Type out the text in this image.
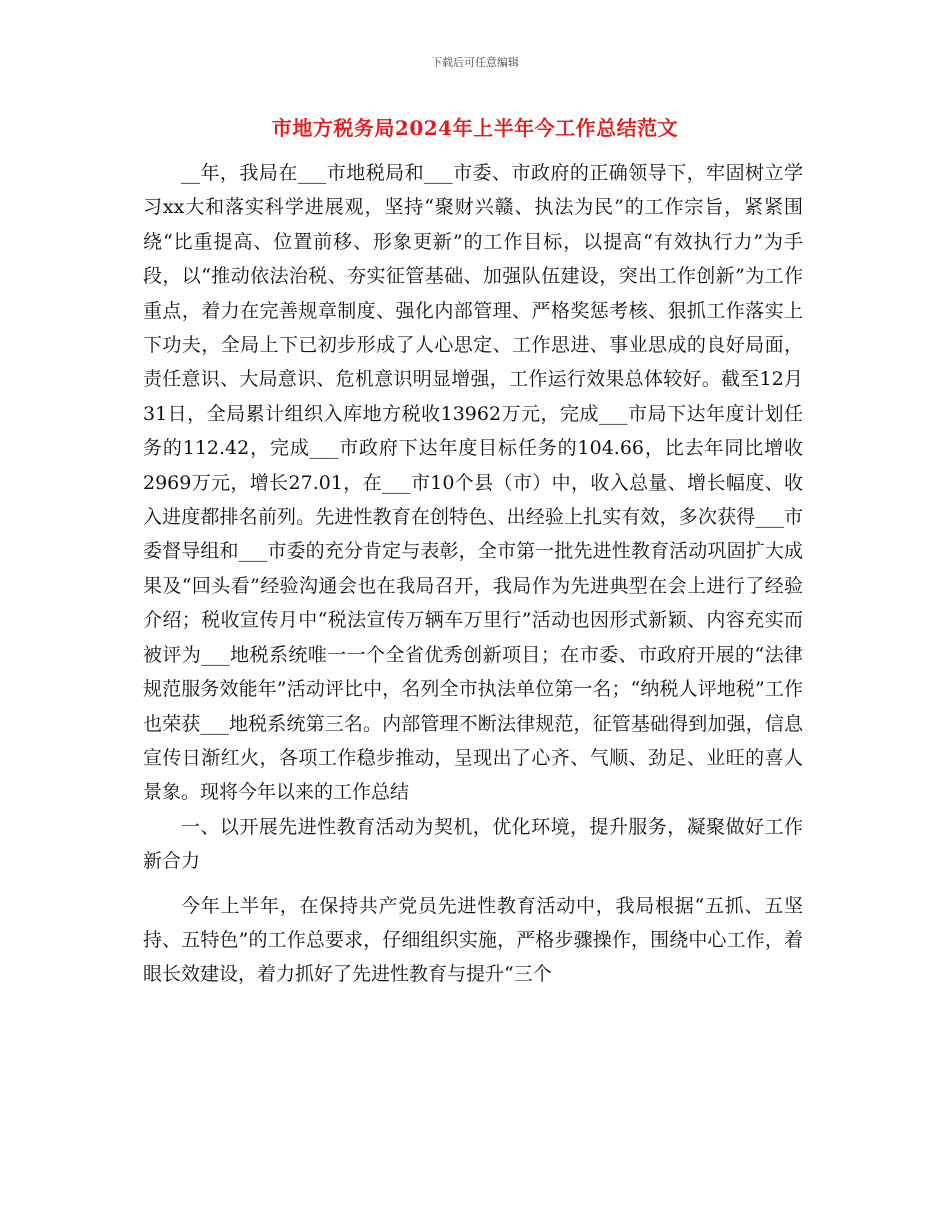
下载后可任意编辑
市地方税务局2024年上半年今工作总结范文

__年，我局在___市地税局和___市委、市政府的正确领导下，牢固树立学习xx大和落实科学进展观，坚持“聚财兴赣、执法为民”的工作宗旨，紧紧围绕“比重提高、位置前移、形象更新”的工作目标，以提高“有效执行力”为手段，以“推动依法治税、夯实征管基础、加强队伍建设，突出工作创新”为工作重点，着力在完善规章制度、强化内部管理、严格奖惩考核、狠抓工作落实上下功夫，全局上下已初步形成了人心思定、工作思进、事业思成的良好局面，责任意识、大局意识、危机意识明显增强，工作运行效果总体较好。截至12月31日，全局累计组织入库地方税收13962万元，完成___市局下达年度计划任务的112.42，完成___市政府下达年度目标任务的104.66，比去年同比增收2969万元，增长27.01，在___市10个县（市）中，收入总量、增长幅度、收入进度都排名前列。先进性教育在创特色、出经验上扎实有效，多次获得___市委督导组和___市委的充分肯定与表彰，全市第一批先进性教育活动巩固扩大成果及“回头看”经验沟通会也在我局召开，我局作为先进典型在会上进行了经验介绍；税收宣传月中“税法宣传万辆车万里行”活动也因形式新颖、内容充实而被评为___地税系统唯一一个全省优秀创新项目；在市委、市政府开展的“法律规范服务效能年”活动评比中，名列全市执法单位第一名；“纳税人评地税”工作也荣获___地税系统第三名。内部管理不断法律规范，征管基础得到加强，信息宣传日渐红火，各项工作稳步推动，呈现出了心齐、气顺、劲足、业旺的喜人景象。现将今年以来的工作总结

一、以开展先进性教育活动为契机，优化环境，提升服务，凝聚做好工作新合力

今年上半年，在保持共产党员先进性教育活动中，我局根据“五抓、五坚持、五特色”的工作总要求，仔细组织实施，严格步骤操作，围绕中心工作，着眼长效建设，着力抓好了先进性教育与提升“三个
